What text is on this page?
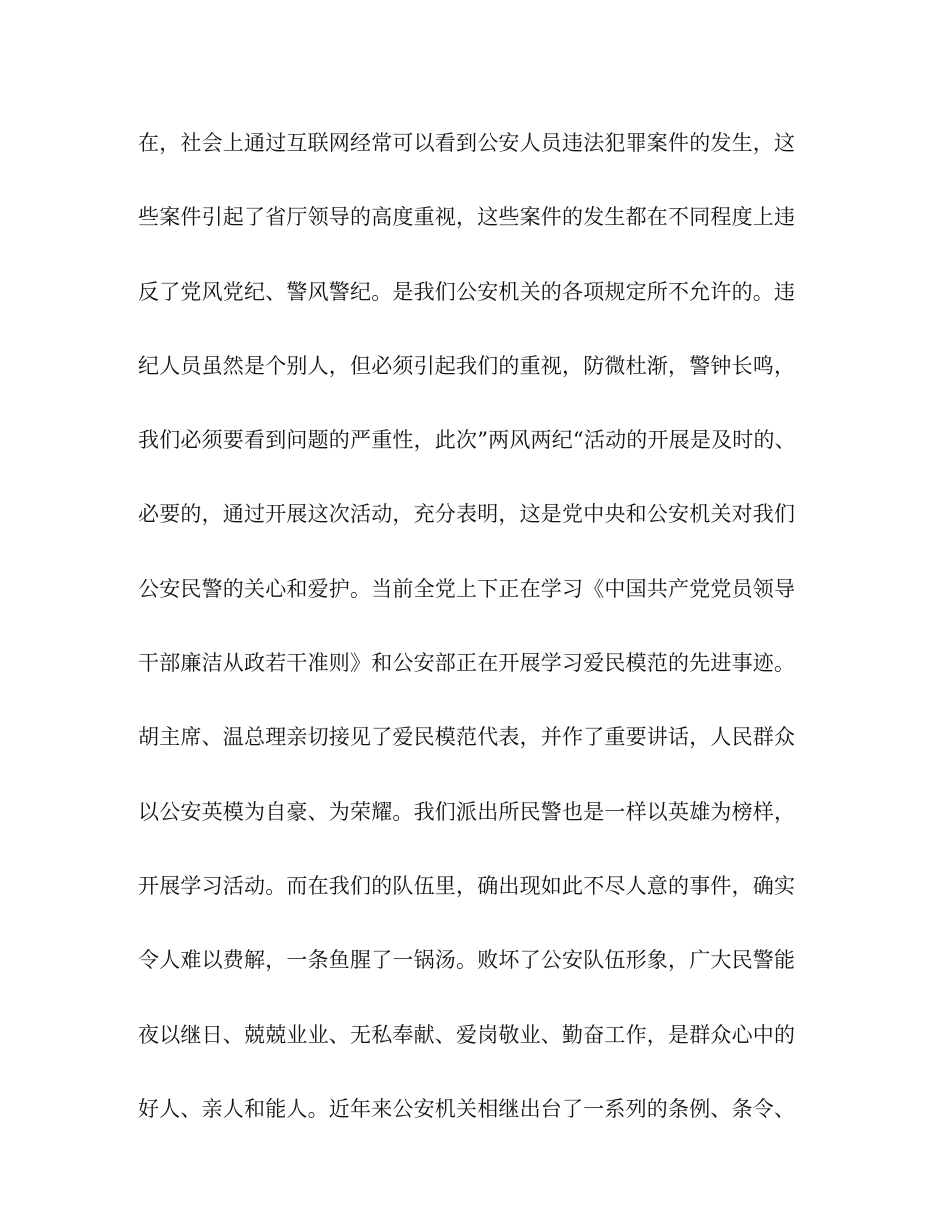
在，社会上通过互联网经常可以看到公安人员违法犯罪案件的发生，这

些案件引起了省厅领导的高度重视，这些案件的发生都在不同程度上违

反了党风党纪、警风警纪。是我们公安机关的各项规定所不允许的。违

纪人员虽然是个别人，但必须引起我们的重视，防微杜渐，警钟长鸣，

我们必须要看到问题的严重性，此次”两风两纪“活动的开展是及时的、

必要的，通过开展这次活动，充分表明，这是党中央和公安机关对我们

公安民警的关心和爱护。当前全党上下正在学习《中国共产党党员领导

干部廉洁从政若干准则》和公安部正在开展学习爱民模范的先进事迹。

胡主席、温总理亲切接见了爱民模范代表，并作了重要讲话，人民群众

以公安英模为自豪、为荣耀。我们派出所民警也是一样以英雄为榜样，

开展学习活动。而在我们的队伍里，确出现如此不尽人意的事件，确实

令人难以费解，一条鱼腥了一锅汤。败坏了公安队伍形象，广大民警能

夜以继日、兢兢业业、无私奉献、爱岗敬业、勤奋工作，是群众心中的

好人、亲人和能人。近年来公安机关相继出台了一系列的条例、条令、
